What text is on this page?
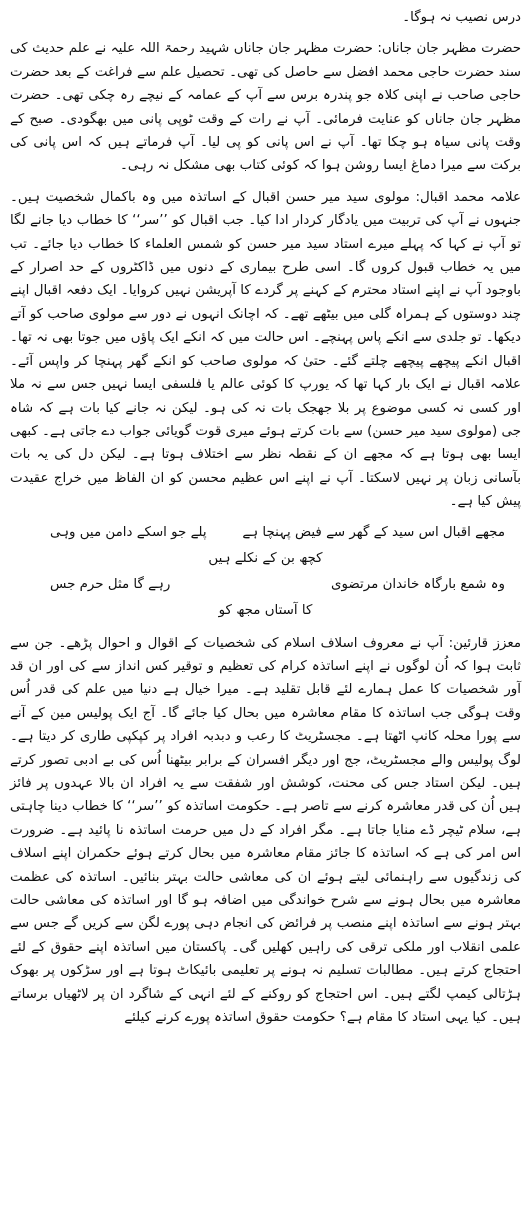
درس نصیب نہ ہوگا۔

حضرت مظہر جان جاناں: حضرت مظہر جان جاناں شہید رحمۃ اللہ علیہ نے علم حدیث کی سند حضرت حاجی محمد افضل سے حاصل کی تھی۔ تحصیل علم سے فراغت کے بعد حضرت حاجی صاحب نے اپنی کلاہ جو پندرہ برس سے آپ کے عمامہ کے نیچے رہ چکی تھی۔ حضرت مظہر جان جاناں کو عنایت فرمائی۔ آپ نے رات کے وقت ٹوپی پانی میں بھگودی۔ صبح کے وقت پانی سیاہ ہو چکا تھا۔ آپ نے اس پانی کو پی لیا۔ آپ فرماتے ہیں کہ اس پانی کی برکت سے میرا دماغ ایسا روشن ہوا کہ کوئی کتاب بھی مشکل نہ رہی۔

علامہ محمد اقبال: مولوی سید میر حسن اقبال کے اساتذہ میں وہ باکمال شخصیت ہیں۔ جنہوں نے آپ کی تربیت میں یادگار کردار ادا کیا۔ جب اقبال کو ’’سر‘‘ کا خطاب دیا جانے لگا تو آپ نے کہا کہ پہلے میرے استاد سید میر حسن کو شمس العلماء کا خطاب دیا جائے۔ تب میں یہ خطاب قبول کروں گا۔ اسی طرح بیماری کے دنوں میں ڈاکٹروں کے حد اصرار کے باوجود آپ نے اپنے استاد محترم کے کہنے پر گردے کا آپریشن نہیں کروایا۔ ایک دفعہ اقبال اپنے چند دوستوں کے ہمراہ گلی میں بیٹھے تھے۔ کہ اچانک انہوں نے دور سے مولوی صاحب کو آتے دیکھا۔ تو جلدی سے انکے پاس پہنچے۔ اس حالت میں کہ انکے ایک پاؤں میں جوتا بھی نہ تھا۔ اقبال انکے پیچھے پیچھے چلتے گئے۔ حتیٰ کہ مولوی صاحب کو انکے گھر پہنچا کر واپس آئے۔ علامہ اقبال نے ایک بار کہا تھا کہ یورپ کا کوئی عالم یا فلسفی ایسا نہیں جس سے نہ ملا اور کسی نہ کسی موضوع پر بلا جھجک بات نہ کی ہو۔ لیکن نہ جانے کیا بات ہے کہ شاہ جی (مولوی سید میر حسن) سے بات کرتے ہوئے میری قوت گویائی جواب دے جاتی ہے۔ کبھی ایسا بھی ہوتا ہے کہ مجھے ان کے نقطہ نظر سے اختلاف ہوتا ہے۔ لیکن دل کی یہ بات بآسانی زبان پر نہیں لاسکتا۔ آپ نے اپنے اس عظیم محسن کو ان الفاظ میں خراج عقیدت پیش کیا ہے۔

مجھے اقبال اس سید کے گھر سے فیض پہنچا ہے
پلے جو اسکے دامن میں وہی
کچھ بن کے نکلے ہیں
وہ شمع بارگاہ خاندان مرتضوی
رہے گا مثل حرم جس
کا آستاں مجھ کو

معزز قارئین: آپ نے معروف اسلاف اسلام کی شخصیات کے اقوال و احوال پڑھے۔ جن سے ثابت ہوا کہ اُن لوگوں نے اپنے اساتذہ کرام کی تعظیم و توقیر کس انداز سے کی اور ان قد آور شخصیات کا عمل ہمارے لئے قابل تقلید ہے۔ میرا خیال ہے دنیا میں علم کی قدر اُس وقت ہوگی جب اساتذہ کا مقام معاشرہ میں بحال کیا جائے گا۔ آج ایک پولیس مین کے آنے سے پورا محلہ کانپ اٹھتا ہے۔ مجسٹریٹ کا رعب و دبدبہ افراد پر کپکپی طاری کر دیتا ہے۔ لوگ پولیس والے مجسٹریٹ، جج اور دیگر افسران کے برابر بیٹھنا اُس کی بے ادبی تصور کرتے ہیں۔ لیکن استاد جس کی محنت، کوشش اور شفقت سے یہ افراد ان بالا عہدوں پر فائز ہیں اُن کی قدر معاشرہ کرنے سے تاصر ہے۔ حکومت اساتذہ کو ’’سر‘‘ کا خطاب دینا چاہتی ہے، سلام ٹیچر ڈے منایا جاتا ہے۔ مگر افراد کے دل میں حرمت اساتذہ نا پائید ہے۔ ضرورت اس امر کی ہے کہ اساتذہ کا جائز مقام معاشرہ میں بحال کرتے ہوئے حکمران اپنے اسلاف کی زندگیوں سے راہنمائی لیتے ہوئے ان کی معاشی حالت بہتر بنائیں۔ اساتذہ کی عظمت معاشرہ میں بحال ہونے سے شرح خواندگی میں اضافہ ہو گا اور اساتذہ کی معاشی حالت بہتر ہونے سے اساتذہ اپنے منصب پر فرائض کی انجام دہی پورے لگن سے کریں گے جس سے علمی انقلاب اور ملکی ترقی کی راہیں کھلیں گی۔ پاکستان میں اساتذہ اپنے حقوق کے لئے احتجاج کرتے ہیں۔ مطالبات تسلیم نہ ہونے پر تعلیمی بائیکاٹ ہوتا ہے اور سڑکوں پر بھوک ہڑتالی کیمپ لگتے ہیں۔ اس احتجاج کو روکنے کے لئے انہی کے شاگرد ان پر لاٹھیاں برساتے ہیں۔ کیا یہی استاد کا مقام ہے؟ حکومت حقوق اساتذہ پورے کرنے کیلئے
